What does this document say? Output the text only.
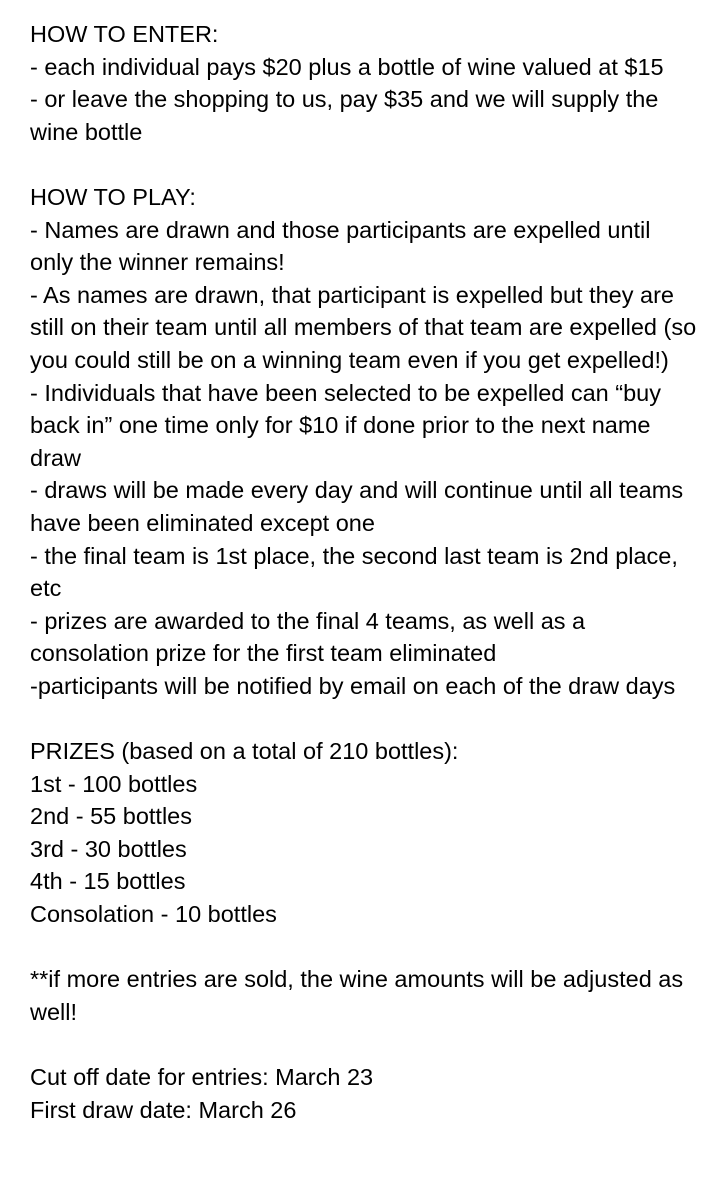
HOW TO ENTER:

- each individual pays $20 plus a bottle of wine valued at $15

- or leave the shopping to us, pay $35 and we will supply the wine bottle

HOW TO PLAY:

- Names are drawn and those participants are expelled until only the winner remains!

- As names are drawn, that participant is expelled but they are still on their team until all members of that team are expelled (so you could still be on a winning team even if you get expelled!)

- Individuals that have been selected to be expelled can “buy back in” one time only for $10 if done prior to the next name draw

- draws will be made every day and will continue until all teams have been eliminated except one

- the final team is 1st place, the second last team is 2nd place, etc

- prizes are awarded to the final 4 teams, as well as a consolation prize for the first team eliminated

-participants will be notified by email on each of the draw days

PRIZES (based on a total of 210 bottles):

1st - 100 bottles

2nd - 55 bottles

3rd - 30 bottles

4th - 15 bottles

Consolation - 10 bottles

**if more entries are sold, the wine amounts will be adjusted as well!

Cut off date for entries: March 23

First draw date: March 26
